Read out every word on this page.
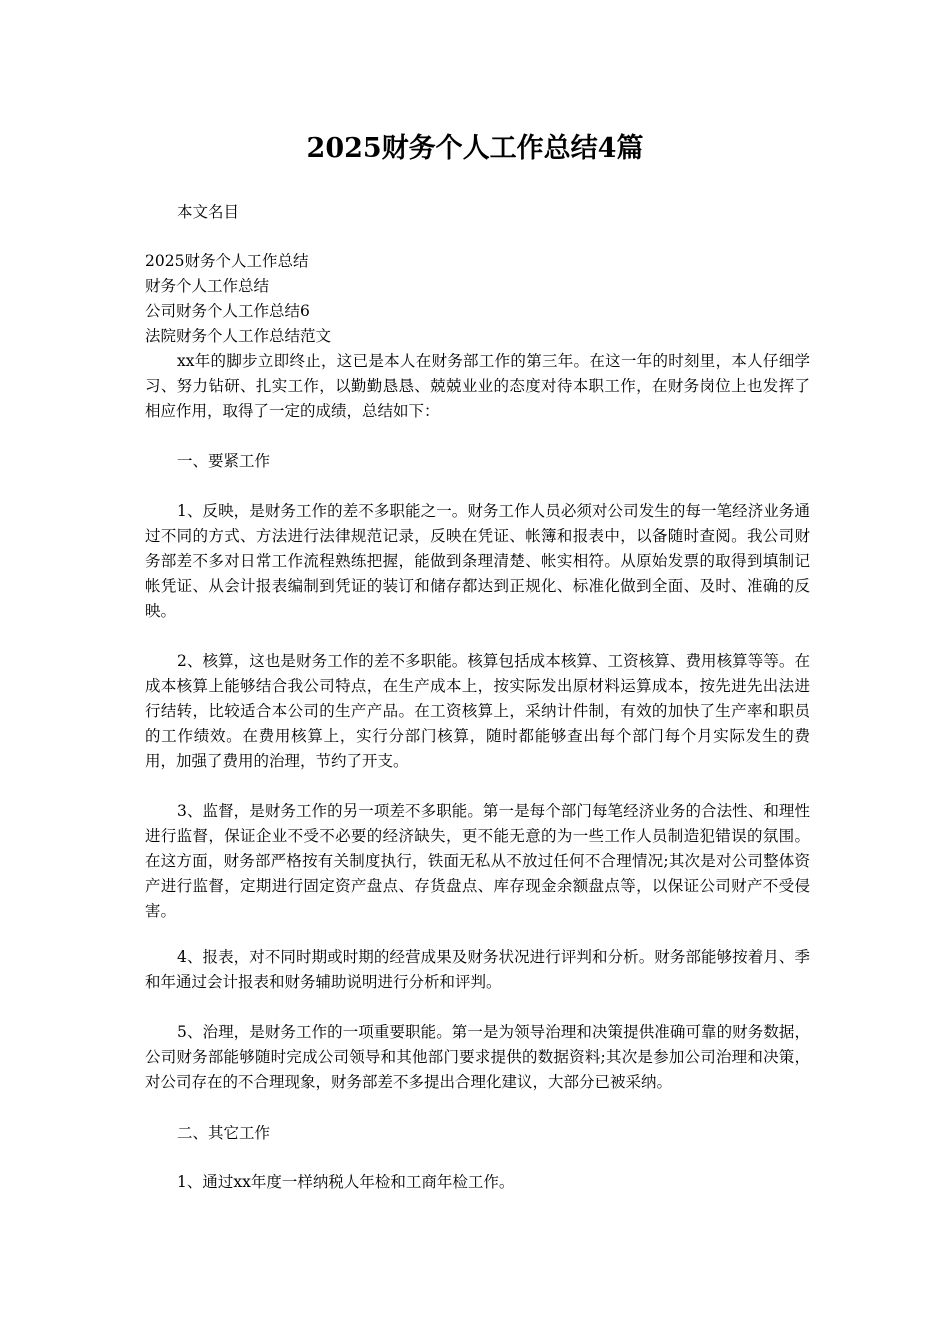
2025财务个人工作总结4篇
本文名目
2025财务个人工作总结
财务个人工作总结
公司财务个人工作总结6
法院财务个人工作总结范文

xx年的脚步立即终止，这已是本人在财务部工作的第三年。在这一年的时刻里，本人仔细学习、努力钻研、扎实工作，以勤勤恳恳、兢兢业业的态度对待本职工作，在财务岗位上也发挥了相应作用，取得了一定的成绩，总结如下：

一、要紧工作

1、反映，是财务工作的差不多职能之一。财务工作人员必须对公司发生的每一笔经济业务通过不同的方式、方法进行法律规范记录，反映在凭证、帐簿和报表中，以备随时查阅。我公司财务部差不多对日常工作流程熟练把握，能做到条理清楚、帐实相符。从原始发票的取得到填制记帐凭证、从会计报表编制到凭证的装订和储存都达到正规化、标准化做到全面、及时、准确的反映。

2、核算，这也是财务工作的差不多职能。核算包括成本核算、工资核算、费用核算等等。在成本核算上能够结合我公司特点，在生产成本上，按实际发出原材料运算成本，按先进先出法进行结转，比较适合本公司的生产产品。在工资核算上，采纳计件制，有效的加快了生产率和职员的工作绩效。在费用核算上，实行分部门核算，随时都能够查出每个部门每个月实际发生的费用，加强了费用的治理，节约了开支。

3、监督，是财务工作的另一项差不多职能。第一是每个部门每笔经济业务的合法性、和理性进行监督，保证企业不受不必要的经济缺失，更不能无意的为一些工作人员制造犯错误的氛围。在这方面，财务部严格按有关制度执行，铁面无私从不放过任何不合理情况;其次是对公司整体资产进行监督，定期进行固定资产盘点、存货盘点、库存现金余额盘点等，以保证公司财产不受侵害。

4、报表，对不同时期或时期的经营成果及财务状况进行评判和分析。财务部能够按着月、季和年通过会计报表和财务辅助说明进行分析和评判。

5、治理，是财务工作的一项重要职能。第一是为领导治理和决策提供准确可靠的财务数据，公司财务部能够随时完成公司领导和其他部门要求提供的数据资料;其次是参加公司治理和决策，对公司存在的不合理现象，财务部差不多提出合理化建议，大部分已被采纳。

二、其它工作
1、通过xx年度一样纳税人年检和工商年检工作。
